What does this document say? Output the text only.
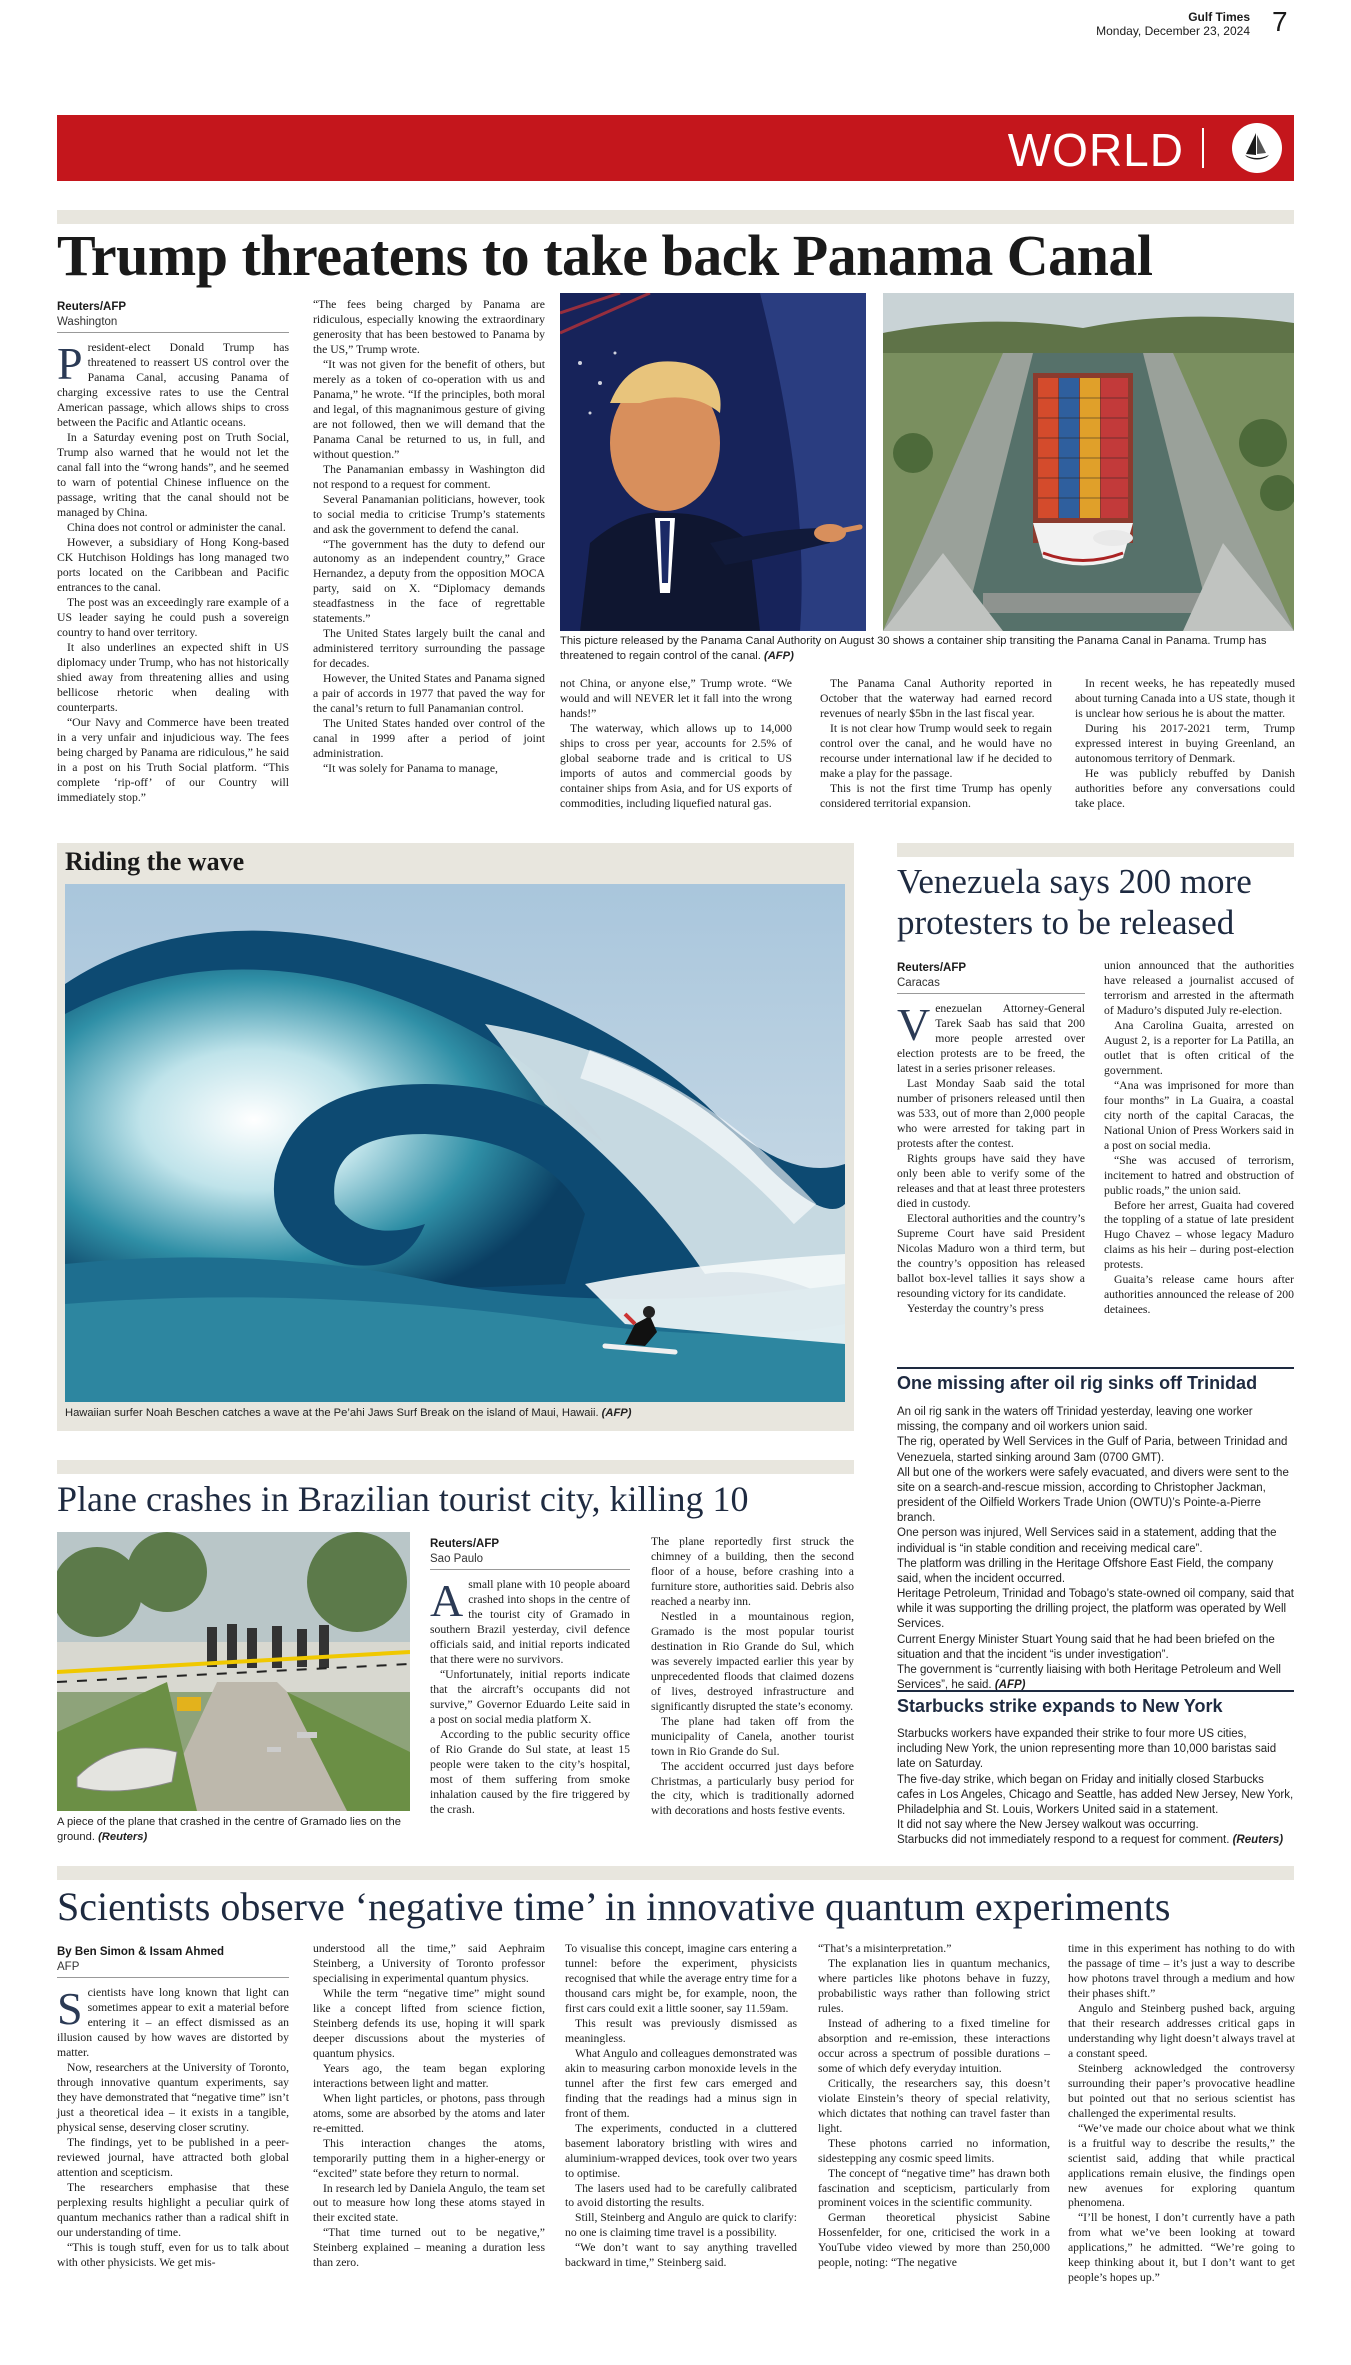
Gulf Times
Monday, December 23, 2024 7
WORLD
Trump threatens to take back Panama Canal
Reuters/AFP
Washington

President-elect Donald Trump has threatened to reassert US control over the Panama Canal, accusing Panama of charging excessive rates to use the Central American passage, which allows ships to cross between the Pacific and Atlantic oceans.

In a Saturday evening post on Truth Social, Trump also warned that he would not let the canal fall into the “wrong hands”, and he seemed to warn of potential Chinese influence on the passage, writing that the canal should not be managed by China.

China does not control or administer the canal.

However, a subsidiary of Hong Kong-based CK Hutchison Holdings has long managed two ports located on the Caribbean and Pacific entrances to the canal.

The post was an exceedingly rare example of a US leader saying he could push a sovereign country to hand over territory.

It also underlines an expected shift in US diplomacy under Trump, who has not historically shied away from threatening allies and using bellicose rhetoric when dealing with counterparts.

“Our Navy and Commerce have been treated in a very unfair and injudicious way. The fees being charged by Panama are ridiculous,” he said in a post on his Truth Social platform. “This complete ‘rip-off’ of our Country will immediately stop.”

“The fees being charged by Panama are ridiculous, especially knowing the extraordinary generosity that has been bestowed to Panama by the US,” Trump wrote.

“It was not given for the benefit of others, but merely as a token of co-operation with us and Panama,” he wrote. “If the principles, both moral and legal, of this magnanimous gesture of giving are not followed, then we will demand that the Panama Canal be returned to us, in full, and without question.”

The Panamanian embassy in Washington did not respond to a request for comment.

Several Panamanian politicians, however, took to social media to criticise Trump’s statements and ask the government to defend the canal.

“The government has the duty to defend our autonomy as an independent country,” Grace Hernandez, a deputy from the opposition MOCA party, said on X. “Diplomacy demands steadfastness in the face of regrettable statements.”

The United States largely built the canal and administered territory surrounding the passage for decades.

However, the United States and Panama signed a pair of accords in 1977 that paved the way for the canal’s return to full Panamanian control.

The United States handed over control of the canal in 1999 after a period of joint administration.

“It was solely for Panama to manage,

This picture released by the Panama Canal Authority on August 30 shows a container ship transiting the Panama Canal in Panama. Trump has threatened to regain control of the canal. (AFP)

not China, or anyone else,” Trump wrote. “We would and will NEVER let it fall into the wrong hands!”

The waterway, which allows up to 14,000 ships to cross per year, accounts for 2.5% of global seaborne trade and is critical to US imports of autos and commercial goods by container ships from Asia, and for US exports of commodities, including liquefied natural gas.

The Panama Canal Authority reported in October that the waterway had earned record revenues of nearly $5bn in the last fiscal year.

It is not clear how Trump would seek to regain control over the canal, and he would have no recourse under international law if he decided to make a play for the passage.

This is not the first time Trump has openly considered territorial expansion.

In recent weeks, he has repeatedly mused about turning Canada into a US state, though it is unclear how serious he is about the matter.

During his 2017-2021 term, Trump expressed interest in buying Greenland, an autonomous territory of Denmark.

He was publicly rebuffed by Danish authorities before any conversations could take place.

Riding the wave
Hawaiian surfer Noah Beschen catches a wave at the Pe’ahi Jaws Surf Break on the island of Maui, Hawaii. (AFP)
Venezuela says 200 more protesters to be released
Reuters/AFP
Caracas

Venezuelan Attorney-General Tarek Saab has said that 200 more people arrested over election protests are to be freed, the latest in a series prisoner releases.

Last Monday Saab said the total number of prisoners released until then was 533, out of more than 2,000 people who were arrested for taking part in protests after the contest.

Rights groups have said they have only been able to verify some of the releases and that at least three protesters died in custody.

Electoral authorities and the country’s Supreme Court have said President Nicolas Maduro won a third term, but the country’s opposition has released ballot box-level tallies it says show a resounding victory for its candidate.

Yesterday the country’s press

union announced that the authorities have released a journalist accused of terrorism and arrested in the aftermath of Maduro’s disputed July re-election.

Ana Carolina Guaita, arrested on August 2, is a reporter for La Patilla, an outlet that is often critical of the government.

“Ana was imprisoned for more than four months” in La Guaira, a coastal city north of the capital Caracas, the National Union of Press Workers said in a post on social media.

“She was accused of terrorism, incitement to hatred and obstruction of public roads,” the union said.

Before her arrest, Guaita had covered the toppling of a statue of late president Hugo Chavez – whose legacy Maduro claims as his heir – during post-election protests.

Guaita’s release came hours after authorities announced the release of 200 detainees.

One missing after oil rig sinks off Trinidad
An oil rig sank in the waters off Trinidad yesterday, leaving one worker missing, the company and oil workers union said.
The rig, operated by Well Services in the Gulf of Paria, between Trinidad and Venezuela, started sinking around 3am (0700 GMT).
All but one of the workers were safely evacuated, and divers were sent to the site on a search-and-rescue mission, according to Christopher Jackman, president of the Oilfield Workers Trade Union (OWTU)’s Pointe-a-Pierre branch.
One person was injured, Well Services said in a statement, adding that the individual is “in stable condition and receiving medical care”.
The platform was drilling in the Heritage Offshore East Field, the company said, when the incident occurred.
Heritage Petroleum, Trinidad and Tobago’s state-owned oil company, said that while it was supporting the drilling project, the platform was operated by Well Services.
Current Energy Minister Stuart Young said that he had been briefed on the situation and that the incident “is under investigation”.
The government is “currently liaising with both Heritage Petroleum and Well Services”, he said. (AFP)
Starbucks strike expands to New York
Starbucks workers have expanded their strike to four more US cities, including New York, the union representing more than 10,000 baristas said late on Saturday.
The five-day strike, which began on Friday and initially closed Starbucks cafes in Los Angeles, Chicago and Seattle, has added New Jersey, New York, Philadelphia and St. Louis, Workers United said in a statement.
It did not say where the New Jersey walkout was occurring.
Starbucks did not immediately respond to a request for comment. (Reuters)
Plane crashes in Brazilian tourist city, killing 10
A piece of the plane that crashed in the centre of Gramado lies on the ground. (Reuters)
Reuters/AFP
Sao Paulo

Asmall plane with 10 people aboard crashed into shops in the centre of the tourist city of Gramado in southern Brazil yesterday, civil defence officials said, and initial reports indicated that there were no survivors.

“Unfortunately, initial reports indicate that the aircraft’s occupants did not survive,” Governor Eduardo Leite said in a post on social media platform X.

According to the public security office of Rio Grande do Sul state, at least 15 people were taken to the city’s hospital, most of them suffering from smoke inhalation caused by the fire triggered by the crash.

The plane reportedly first struck the chimney of a building, then the second floor of a house, before crashing into a furniture store, authorities said. Debris also reached a nearby inn.

Nestled in a mountainous region, Gramado is the most popular tourist destination in Rio Grande do Sul, which was severely impacted earlier this year by unprecedented floods that claimed dozens of lives, destroyed infrastructure and significantly disrupted the state’s economy.

The plane had taken off from the municipality of Canela, another tourist town in Rio Grande do Sul.

The accident occurred just days before Christmas, a particularly busy period for the city, which is traditionally adorned with decorations and hosts festive events.

Scientists observe ‘negative time’ in innovative quantum experiments
By Ben Simon & Issam Ahmed
AFP

Scientists have long known that light can sometimes appear to exit a material before entering it – an effect dismissed as an illusion caused by how waves are distorted by matter.

Now, researchers at the University of Toronto, through innovative quantum experiments, say they have demonstrated that “negative time” isn’t just a theoretical idea – it exists in a tangible, physical sense, deserving closer scrutiny.

The findings, yet to be published in a peer-reviewed journal, have attracted both global attention and scepticism.

The researchers emphasise that these perplexing results highlight a peculiar quirk of quantum mechanics rather than a radical shift in our understanding of time.

“This is tough stuff, even for us to talk about with other physicists. We get mis-

understood all the time,” said Aephraim Steinberg, a University of Toronto professor specialising in experimental quantum physics.

While the term “negative time” might sound like a concept lifted from science fiction, Steinberg defends its use, hoping it will spark deeper discussions about the mysteries of quantum physics.

Years ago, the team began exploring interactions between light and matter.

When light particles, or photons, pass through atoms, some are absorbed by the atoms and later re-emitted.

This interaction changes the atoms, temporarily putting them in a higher-energy or “excited” state before they return to normal.

In research led by Daniela Angulo, the team set out to measure how long these atoms stayed in their excited state.

“That time turned out to be negative,” Steinberg explained – meaning a duration less than zero.

To visualise this concept, imagine cars entering a tunnel: before the experiment, physicists recognised that while the average entry time for a thousand cars might be, for example, noon, the first cars could exit a little sooner, say 11.59am.

This result was previously dismissed as meaningless.

What Angulo and colleagues demonstrated was akin to measuring carbon monoxide levels in the tunnel after the first few cars emerged and finding that the readings had a minus sign in front of them.

The experiments, conducted in a cluttered basement laboratory bristling with wires and aluminium-wrapped devices, took over two years to optimise.

The lasers used had to be carefully calibrated to avoid distorting the results.

Still, Steinberg and Angulo are quick to clarify: no one is claiming time travel is a possibility.

“We don’t want to say anything travelled backward in time,” Steinberg said.

“That’s a misinterpretation.”

The explanation lies in quantum mechanics, where particles like photons behave in fuzzy, probabilistic ways rather than following strict rules.

Instead of adhering to a fixed timeline for absorption and re-emission, these interactions occur across a spectrum of possible durations – some of which defy everyday intuition.

Critically, the researchers say, this doesn’t violate Einstein’s theory of special relativity, which dictates that nothing can travel faster than light.

These photons carried no information, sidestepping any cosmic speed limits.

The concept of “negative time” has drawn both fascination and scepticism, particularly from prominent voices in the scientific community.

German theoretical physicist Sabine Hossenfelder, for one, criticised the work in a YouTube video viewed by more than 250,000 people, noting: “The negative

time in this experiment has nothing to do with the passage of time – it’s just a way to describe how photons travel through a medium and how their phases shift.”

Angulo and Steinberg pushed back, arguing that their research addresses critical gaps in understanding why light doesn’t always travel at a constant speed.

Steinberg acknowledged the controversy surrounding their paper’s provocative headline but pointed out that no serious scientist has challenged the experimental results.

“We’ve made our choice about what we think is a fruitful way to describe the results,” the scientist said, adding that while practical applications remain elusive, the findings open new avenues for exploring quantum phenomena.

“I’ll be honest, I don’t currently have a path from what we’ve been looking at toward applications,” he admitted. “We’re going to keep thinking about it, but I don’t want to get people’s hopes up.”
